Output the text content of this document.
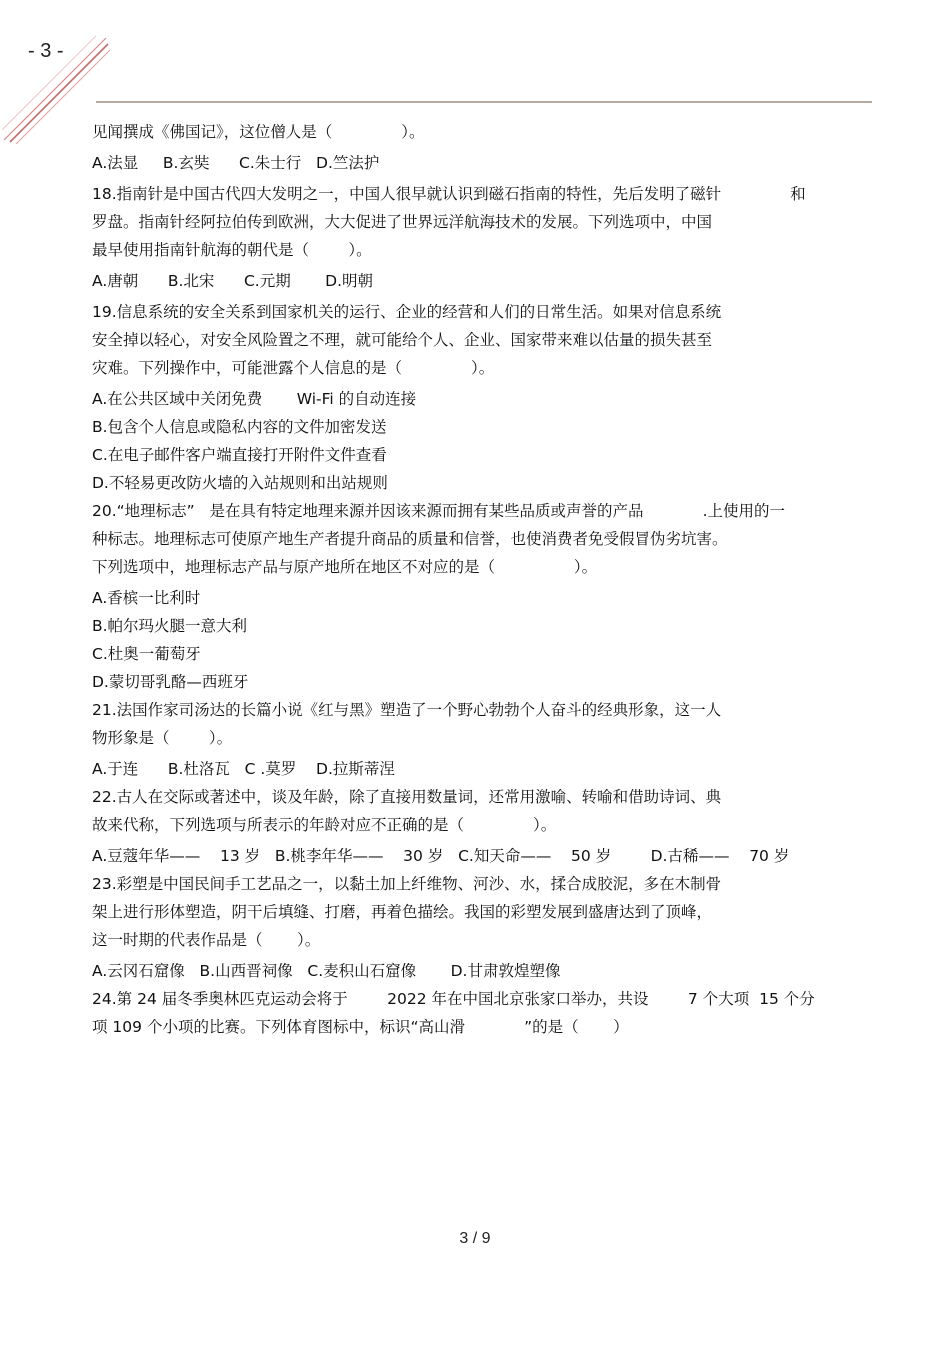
- 3 -
见闻撰成《佛国记》，这位僧人是（              ）。
A.法显     B.玄奘      C.朱士行   D.竺法护
18.指南针是中国古代四大发明之一，中国人很早就认识到磁石指南的特性，先后发明了磁针              和
罗盘。指南针经阿拉伯传到欧洲，大大促进了世界远洋航海技术的发展。下列选项中，中国
最早使用指南针航海的朝代是（        ）。
A.唐朝      B.北宋      C.元期       D.明朝
19.信息系统的安全关系到国家机关的运行、企业的经营和人们的日常生活。如果对信息系统
安全掉以轻心，对安全风险置之不理，就可能给个人、企业、国家带来难以估量的损失甚至
灾难。下列操作中，可能泄露个人信息的是（              ）。
A.在公共区域中关闭免费       Wi-Fi 的自动连接
B.包含个人信息或隐私内容的文件加密发送
C.在电子邮件客户端直接打开附件文件查看
D.不轻易更改防火墙的入站规则和出站规则
20.“地理标志”   是在具有特定地理来源并因该来源而拥有某些品质或声誉的产品            .上使用的一
种标志。地理标志可使原产地生产者提升商品的质量和信誉，也使消费者免受假冒伪劣坑害。
下列选项中，地理标志产品与原产地所在地区不对应的是（                ）。
A.香槟一比利时
B.帕尔玛火腿一意大利
C.杜奥一葡萄牙
D.蒙切哥乳酪—西班牙
21.法国作家司汤达的长篇小说《红与黑》塑造了一个野心勃勃个人奋斗的经典形象，这一人
物形象是（        ）。
A.于连      B.杜洛瓦   C .莫罗    D.拉斯蒂涅
22.古人在交际或著述中，谈及年龄，除了直接用数量词，还常用激喻、转喻和借助诗词、典
故来代称，下列选项与所表示的年龄对应不正确的是（              ）。
A.豆蔻年华——    13 岁   B.桃李年华——    30 岁   C.知天命——    50 岁        D.古稀——    70 岁
23.彩塑是中国民间手工艺品之一，以黏土加上纤维物、河沙、水，揉合成胶泥，多在木制骨
架上进行形体塑造，阴干后填缝、打磨，再着色描绘。我国的彩塑发展到盛唐达到了顶峰，
这一时期的代表作品是（       ）。
A.云冈石窟像   B.山西晋祠像   C.麦积山石窟像       D.甘肃敦煌塑像
24.第 24 届冬季奥林匹克运动会将于        2022 年在中国北京张家口举办，共设        7 个大项  15 个分
项 109 个小项的比赛。下列体育图标中，标识“高山滑            ”的是（       ）
3 / 9
